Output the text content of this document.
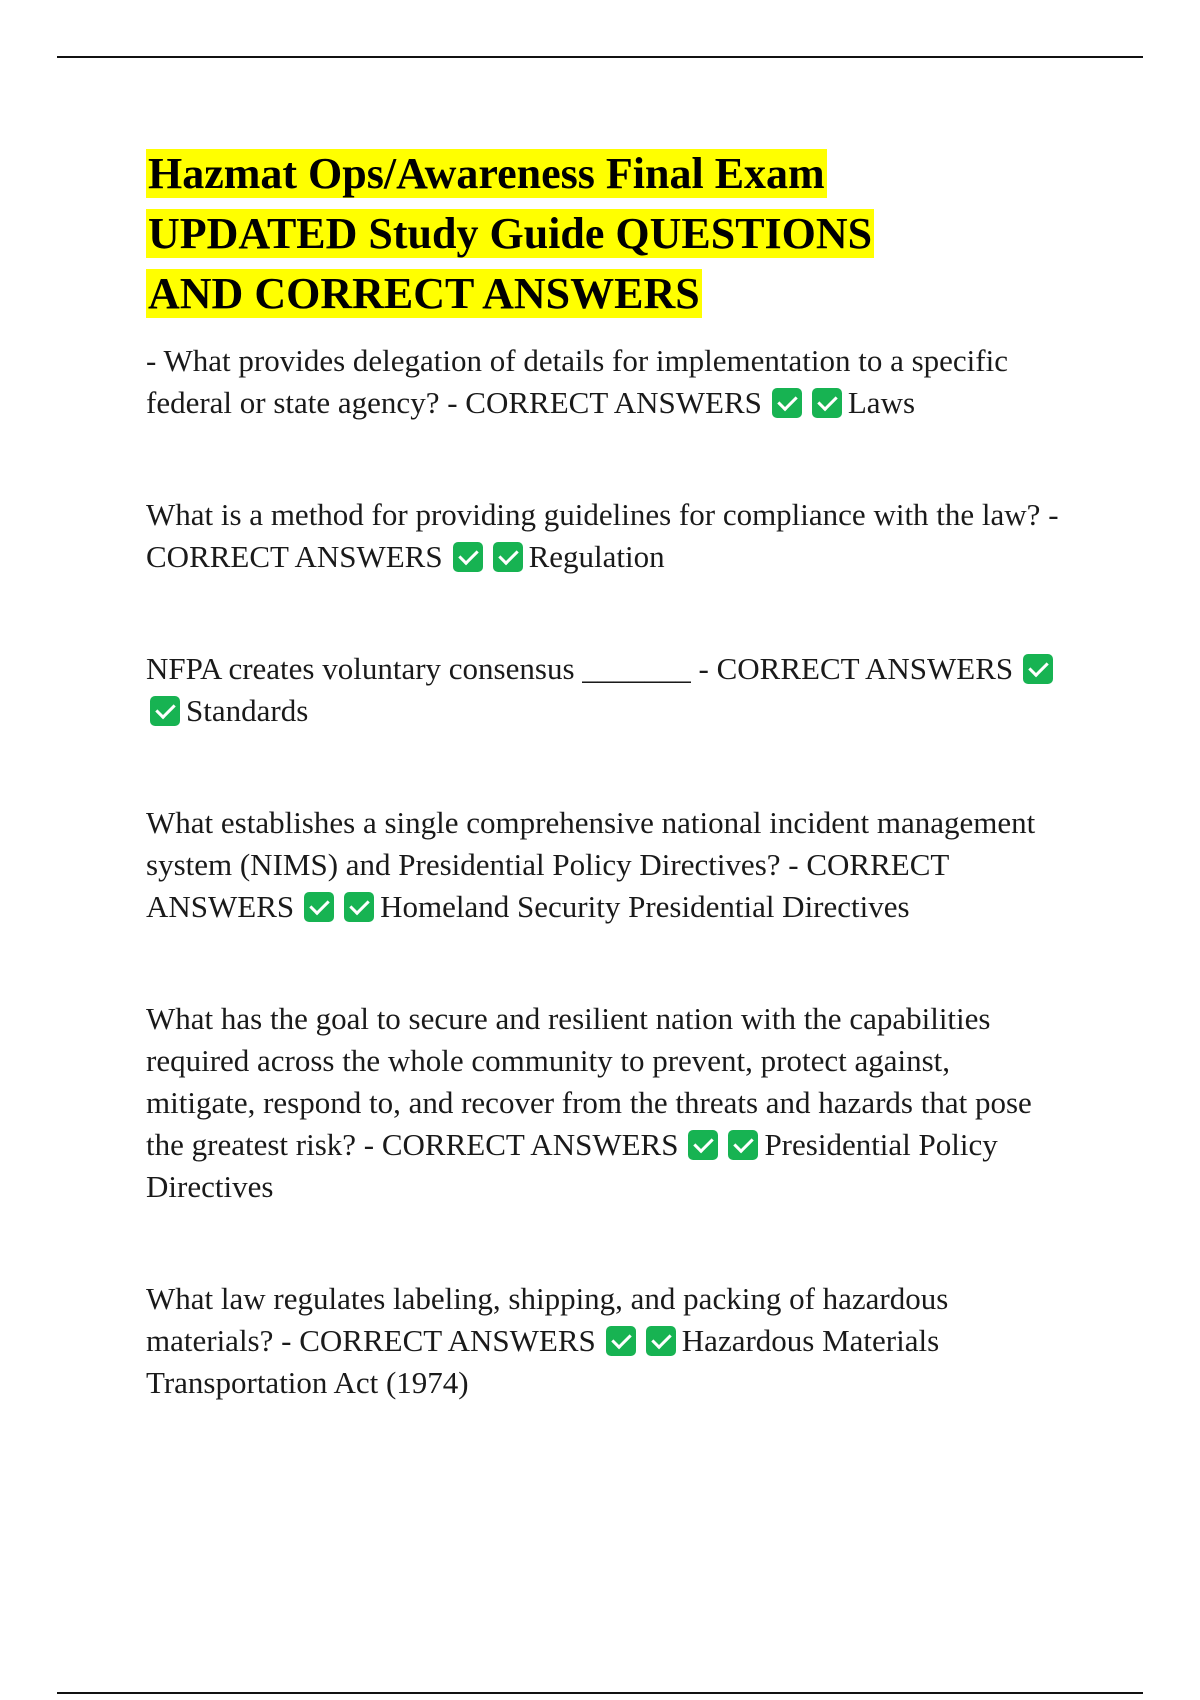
Hazmat Ops/Awareness Final Exam
UPDATED Study Guide QUESTIONS
AND CORRECT ANSWERS

- What provides delegation of details for implementation to a specific federal or state agency? - CORRECT ANSWERS	Laws

What is a method for providing guidelines for compliance with the law? - CORRECT ANSWERS	Regulation

NFPA creates voluntary consensus _______ - CORRECT ANSWERSStandards

What establishes a single comprehensive national incident management system (NIMS) and Presidential Policy Directives? - CORRECT ANSWERS	Homeland Security Presidential Directives

What has the goal to secure and resilient nation with the capabilities required across the whole community to prevent, protect against, mitigate, respond to, and recover from the threats and hazards that pose the greatest risk? - CORRECT ANSWERS	Presidential Policy Directives

What law regulates labeling, shipping, and packing of hazardous materials? - CORRECT ANSWERS	Hazardous Materials Transportation Act (1974)
